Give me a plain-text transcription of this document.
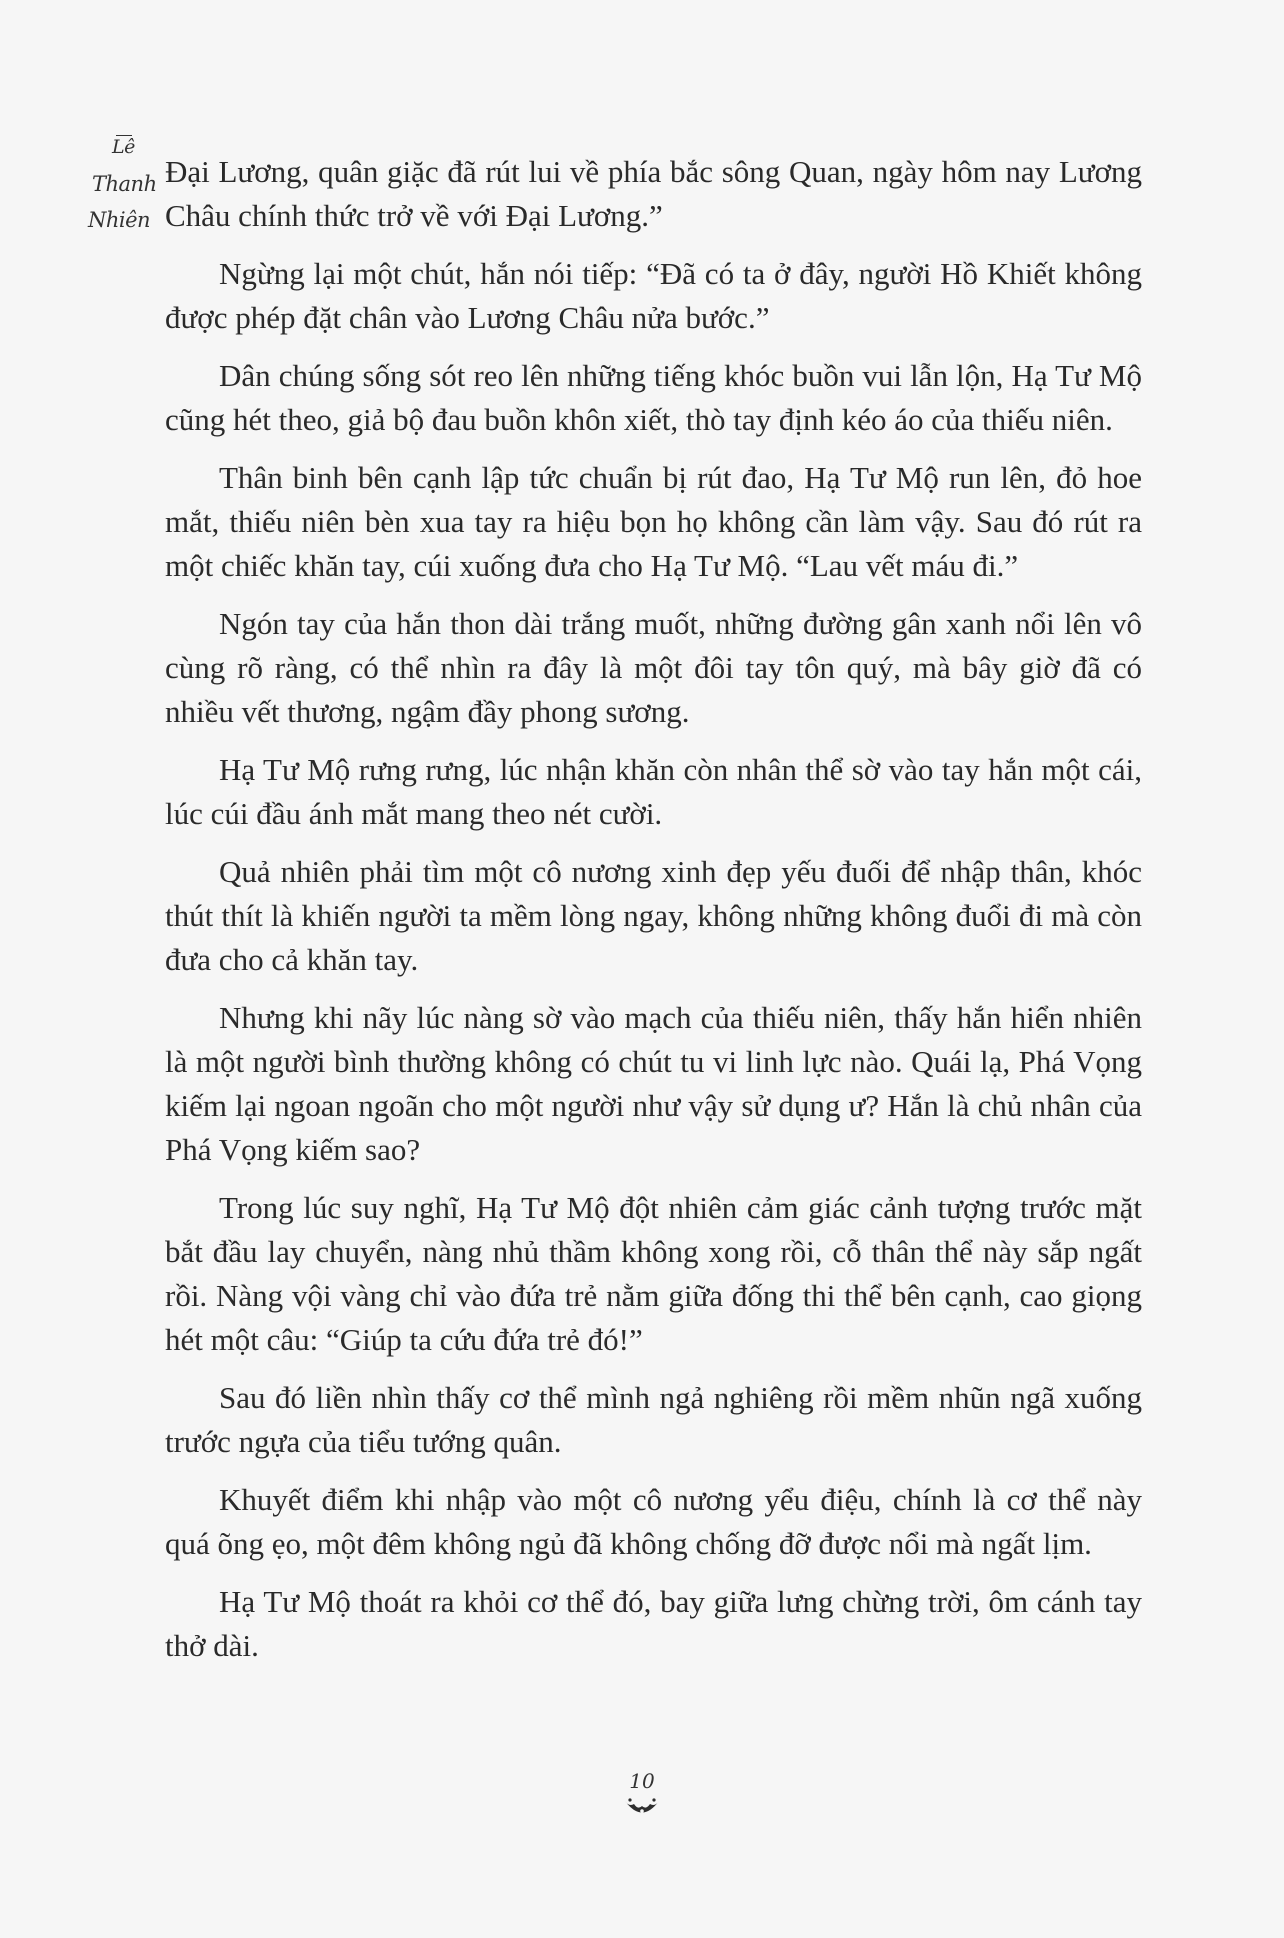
Lê
Thanh
Nhiên

Đại Lương, quân giặc đã rút lui về phía bắc sông Quan, ngày hôm nay Lương Châu chính thức trở về với Đại Lương.”

Ngừng lại một chút, hắn nói tiếp: “Đã có ta ở đây, người Hồ Khiết không được phép đặt chân vào Lương Châu nửa bước.”

Dân chúng sống sót reo lên những tiếng khóc buồn vui lẫn lộn, Hạ Tư Mộ cũng hét theo, giả bộ đau buồn khôn xiết, thò tay định kéo áo của thiếu niên.

Thân binh bên cạnh lập tức chuẩn bị rút đao, Hạ Tư Mộ run lên, đỏ hoe mắt, thiếu niên bèn xua tay ra hiệu bọn họ không cần làm vậy. Sau đó rút ra một chiếc khăn tay, cúi xuống đưa cho Hạ Tư Mộ. “Lau vết máu đi.”

Ngón tay của hắn thon dài trắng muốt, những đường gân xanh nổi lên vô cùng rõ ràng, có thể nhìn ra đây là một đôi tay tôn quý, mà bây giờ đã có nhiều vết thương, ngậm đầy phong sương.

Hạ Tư Mộ rưng rưng, lúc nhận khăn còn nhân thể sờ vào tay hắn một cái, lúc cúi đầu ánh mắt mang theo nét cười.

Quả nhiên phải tìm một cô nương xinh đẹp yếu đuối để nhập thân, khóc thút thít là khiến người ta mềm lòng ngay, không những không đuổi đi mà còn đưa cho cả khăn tay.

Nhưng khi nãy lúc nàng sờ vào mạch của thiếu niên, thấy hắn hiển nhiên là một người bình thường không có chút tu vi linh lực nào. Quái lạ, Phá Vọng kiếm lại ngoan ngoãn cho một người như vậy sử dụng ư? Hắn là chủ nhân của Phá Vọng kiếm sao?

Trong lúc suy nghĩ, Hạ Tư Mộ đột nhiên cảm giác cảnh tượng trước mặt bắt đầu lay chuyển, nàng nhủ thầm không xong rồi, cỗ thân thể này sắp ngất rồi. Nàng vội vàng chỉ vào đứa trẻ nằm giữa đống thi thể bên cạnh, cao giọng hét một câu: “Giúp ta cứu đứa trẻ đó!”

Sau đó liền nhìn thấy cơ thể mình ngả nghiêng rồi mềm nhũn ngã xuống trước ngựa của tiểu tướng quân.

Khuyết điểm khi nhập vào một cô nương yểu điệu, chính là cơ thể này quá õng ẹo, một đêm không ngủ đã không chống đỡ được nổi mà ngất lịm.

Hạ Tư Mộ thoát ra khỏi cơ thể đó, bay giữa lưng chừng trời, ôm cánh tay thở dài.

10
